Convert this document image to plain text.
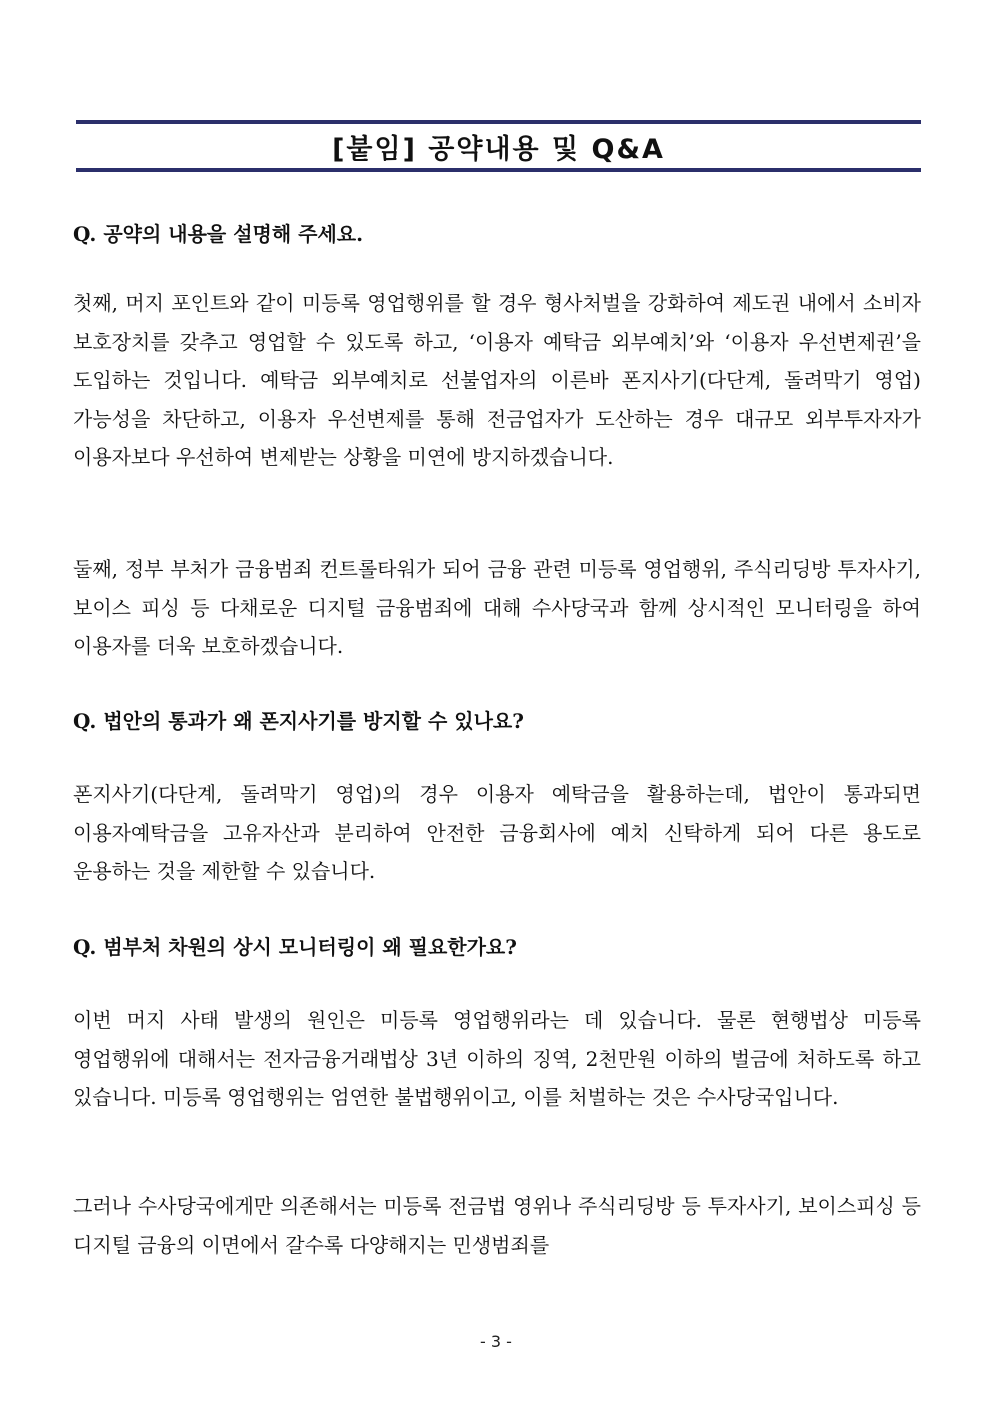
[붙임] 공약내용 및 Q&A
Q. 공약의 내용을 설명해 주세요.
첫째, 머지 포인트와 같이 미등록 영업행위를 할 경우 형사처벌을 강화하여 제도권 내에서 소비자 보호장치를 갖추고 영업할 수 있도록 하고, ‘이용자 예탁금 외부예치’와 ‘이용자 우선변제권’을 도입하는 것입니다. 예탁금 외부예치로 선불업자의 이른바 폰지사기(다단계, 돌려막기 영업) 가능성을 차단하고, 이용자 우선변제를 통해 전금업자가 도산하는 경우 대규모 외부투자자가 이용자보다 우선하여 변제받는 상황을 미연에 방지하겠습니다.
둘째, 정부 부처가 금융범죄 컨트롤타워가 되어 금융 관련 미등록 영업행위, 주식리딩방 투자사기, 보이스 피싱 등 다채로운 디지털 금융범죄에 대해 수사당국과 함께 상시적인 모니터링을 하여 이용자를 더욱 보호하겠습니다.
Q. 법안의 통과가 왜 폰지사기를 방지할 수 있나요?
폰지사기(다단계, 돌려막기 영업)의 경우 이용자 예탁금을 활용하는데, 법안이 통과되면 이용자예탁금을 고유자산과 분리하여 안전한 금융회사에 예치 신탁하게 되어 다른 용도로 운용하는 것을 제한할 수 있습니다.
Q. 범부처 차원의 상시 모니터링이 왜 필요한가요?
이번 머지 사태 발생의 원인은 미등록 영업행위라는 데 있습니다. 물론 현행법상 미등록 영업행위에 대해서는 전자금융거래법상 3년 이하의 징역, 2천만원 이하의 벌금에 처하도록 하고 있습니다. 미등록 영업행위는 엄연한 불법행위이고, 이를 처벌하는 것은 수사당국입니다.
그러나 수사당국에게만 의존해서는 미등록 전금법 영위나 주식리딩방 등 투자사기, 보이스피싱 등 디지털 금융의 이면에서 갈수록 다양해지는 민생범죄를
- 3 -
